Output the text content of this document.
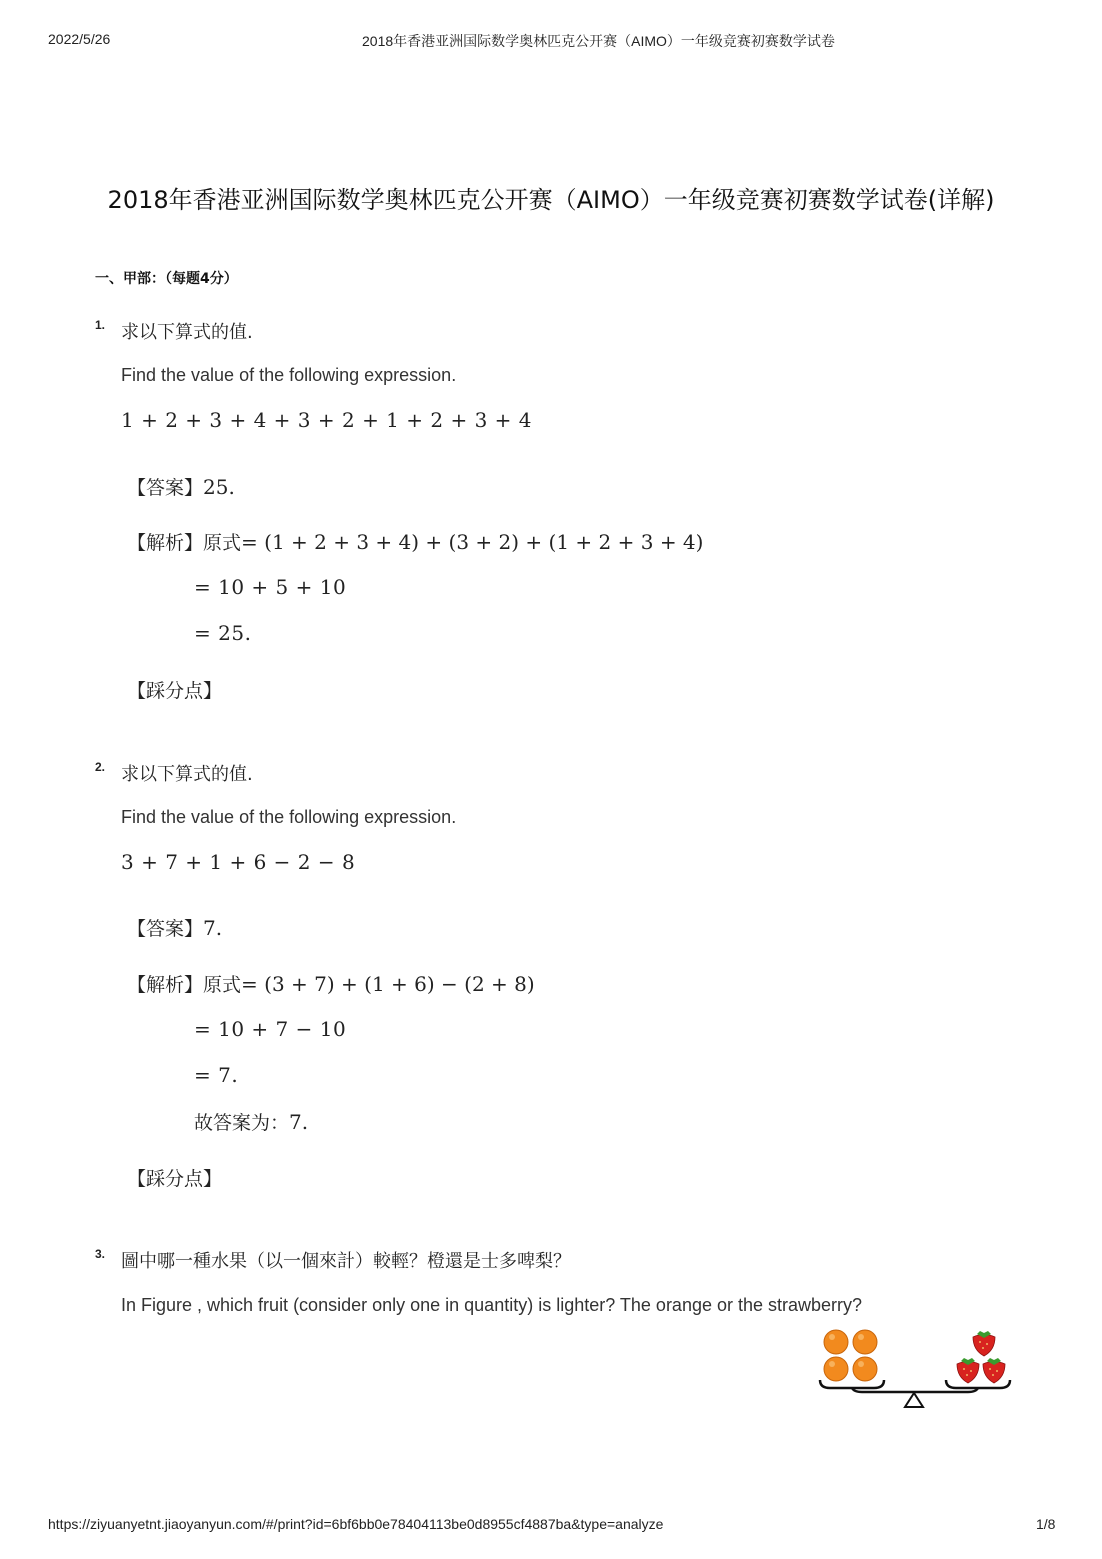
2022/5/26	2018年香港亚洲国际数学奥林匹克公开赛（AIMO）一年级竞赛初赛数学试卷
2018年香港亚洲国际数学奥林匹克公开赛（AIMO）一年级竞赛初赛数学试卷(详解)
一、甲部：（每题4分）
1. 求以下算式的值.
Find the value of the following expression.
1 + 2 + 3 + 4 + 3 + 2 + 1 + 2 + 3 + 4
【答案】25.
【解析】原式= (1 + 2 + 3 + 4) + (3 + 2) + (1 + 2 + 3 + 4)
= 10 + 5 + 10
= 25.
【踩分点】
2. 求以下算式的值.
Find the value of the following expression.
3 + 7 + 1 + 6 − 2 − 8
【答案】7.
【解析】原式= (3 + 7) + (1 + 6) − (2 + 8)
= 10 + 7 − 10
= 7.
故答案为：7.
【踩分点】
3. 圖中哪一種水果（以一個來計）較輕？橙還是士多啤梨？
In Figure , which fruit (consider only one in quantity) is lighter? The orange or the strawberry?
https://ziyuanyetnt.jiaoyanyun.com/#/print?id=6bf6bb0e78404113be0d8955cf4887ba&type=analyze	1/8
